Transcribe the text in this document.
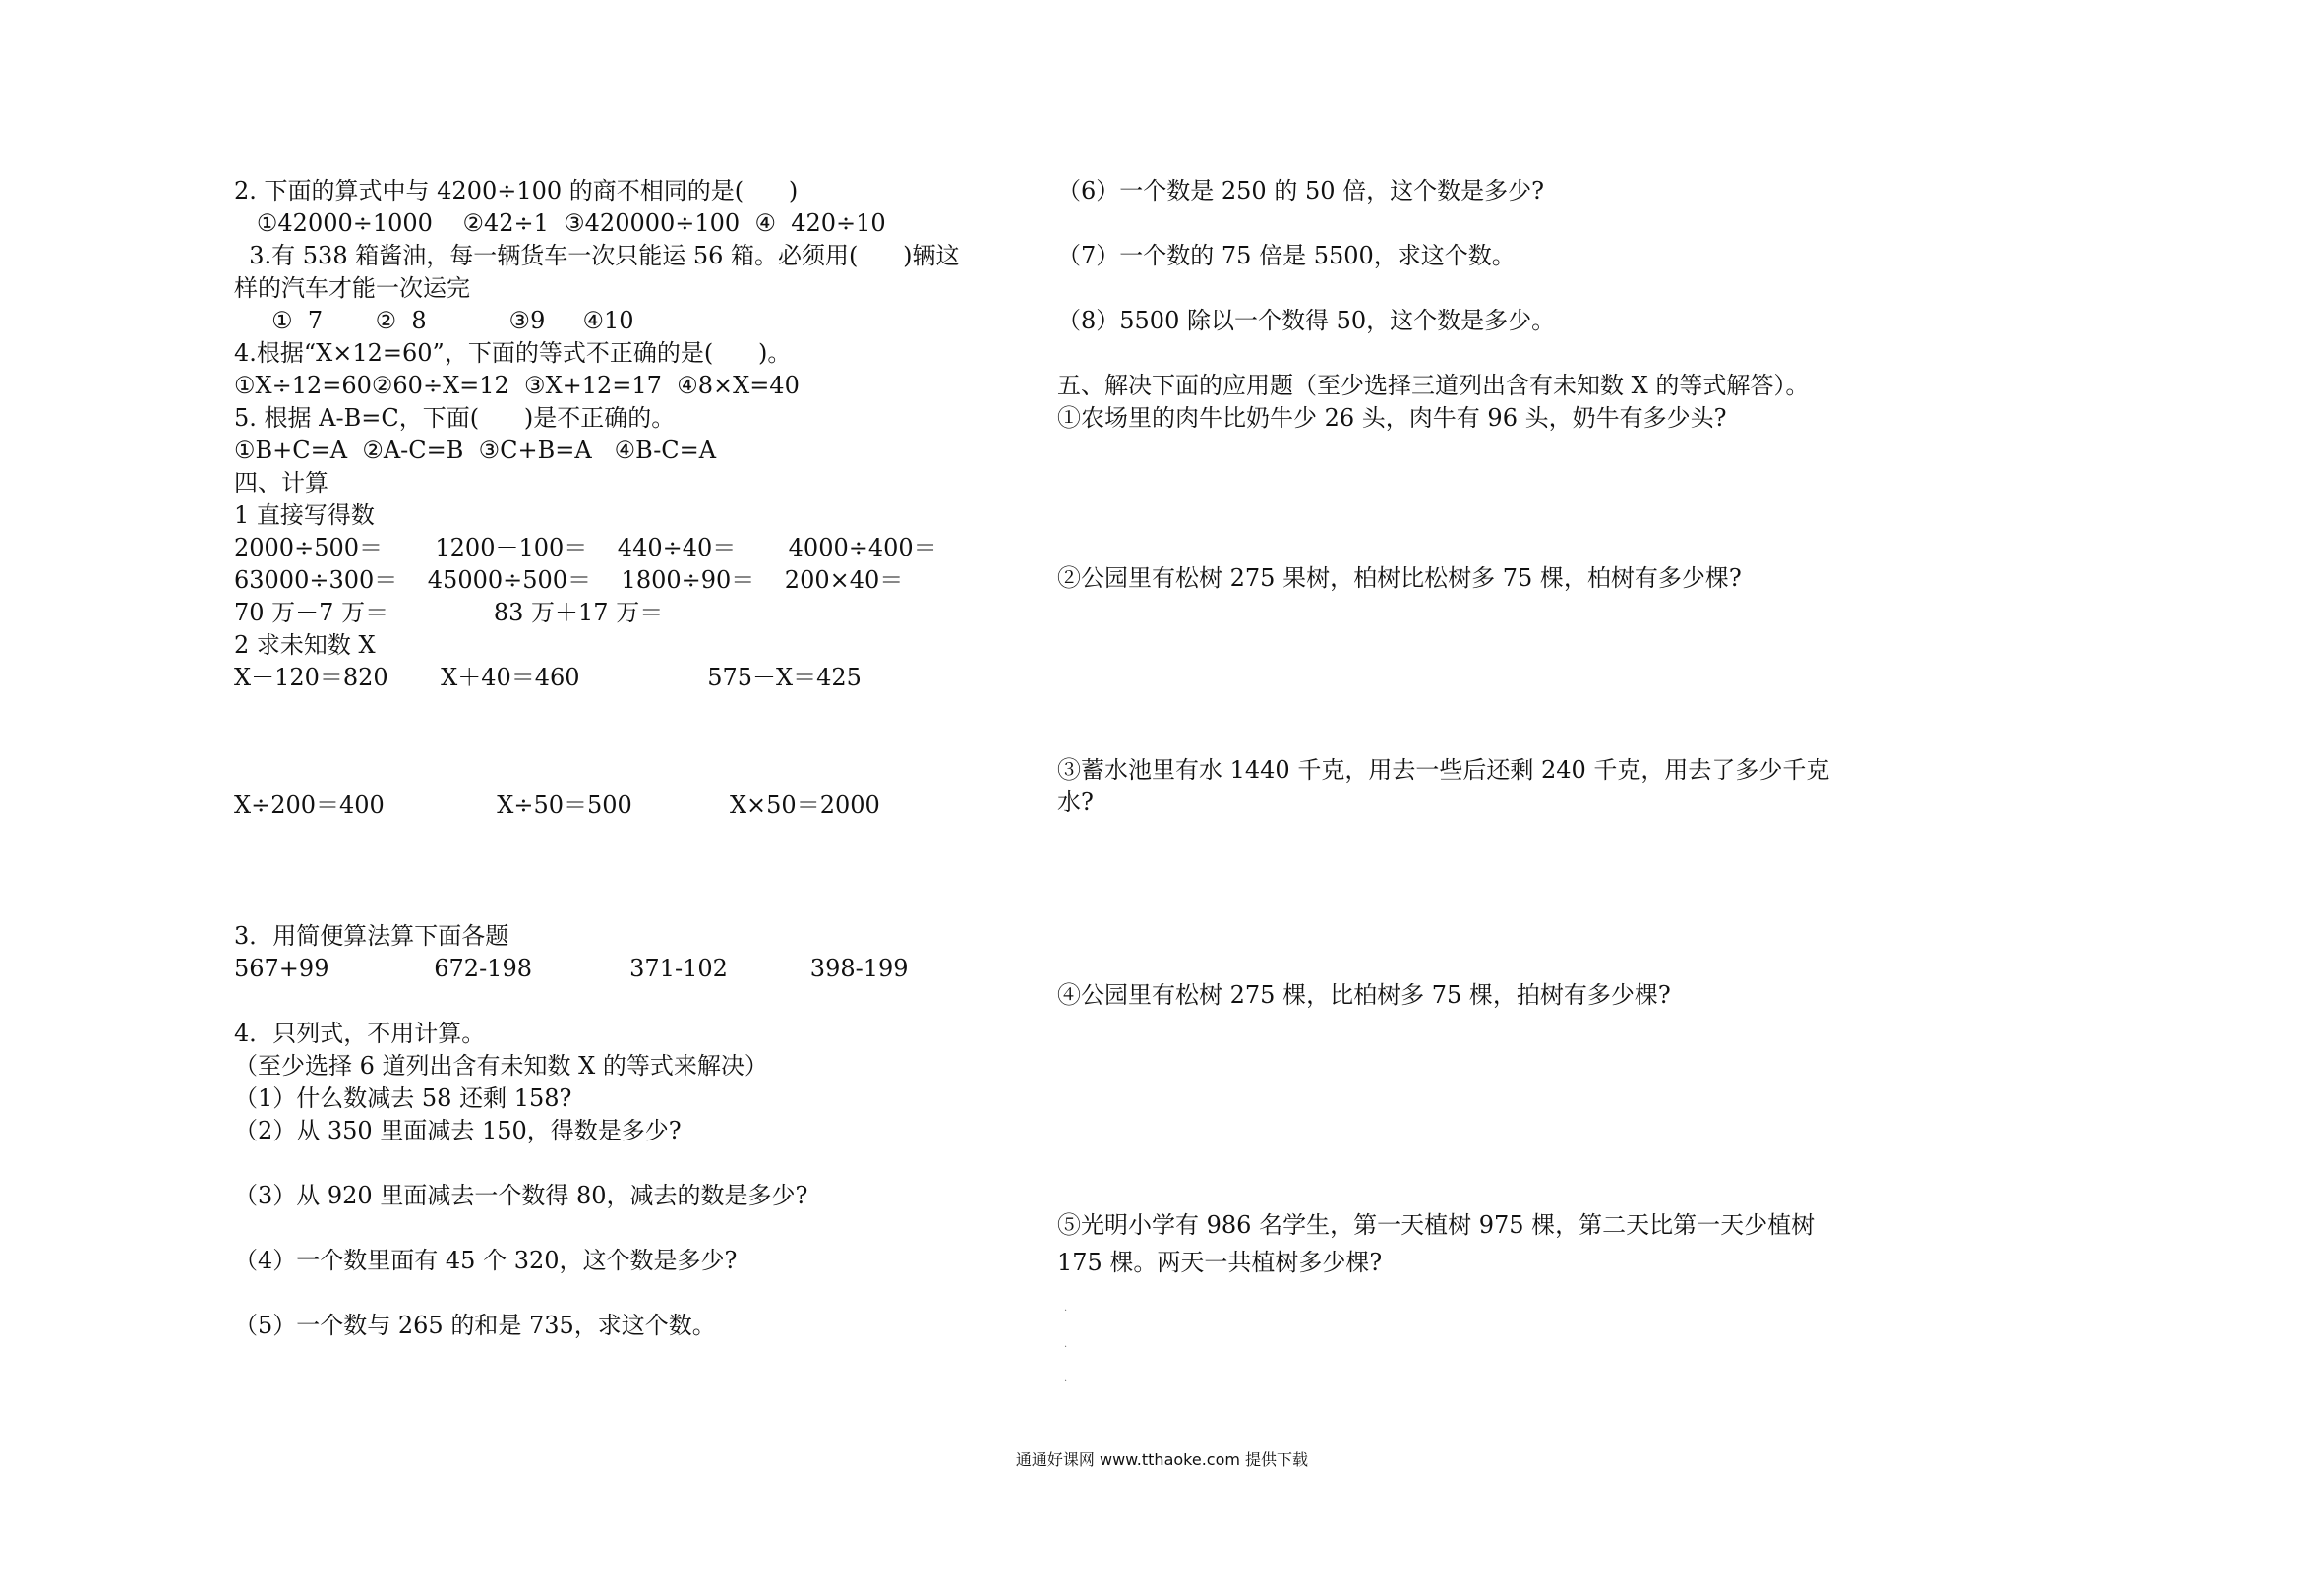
2. 下面的算式中与 4200÷100 的商不相同的是(      )
①42000÷1000    ②42÷1  ③420000÷100  ④  420÷10
3.有 538 箱酱油，每一辆货车一次只能运 56 箱。必须用(      )辆这
样的汽车才能一次运完
①  7       ②  8           ③9     ④10
4.根据“X×12=60”，下面的等式不正确的是(      )。
①X÷12=60②60÷X=12  ③X+12=17  ④8×X=40
5. 根据 A-B=C，下面(      )是不正确的。
①B+C=A  ②A-C=B  ③C+B=A   ④B-C=A
四、计算
1 直接写得数
2000÷500＝       1200－100＝    440÷40＝       4000÷400＝
63000÷300＝    45000÷500＝    1800÷90＝    200×40＝
70 万－7 万＝              83 万＋17 万＝
2 求未知数 X
X－120＝820       X＋40＝460                 575－X＝425
X÷200＝400               X÷50＝500             X×50＝2000
3．用简便算法算下面各题
567+99              672-198             371-102           398-199
4．只列式，不用计算。
（至少选择 6 道列出含有未知数 X 的等式来解决）
（1）什么数减去 58 还剩 158?
（2）从 350 里面减去 150，得数是多少?
（3）从 920 里面减去一个数得 80，减去的数是多少?
（4）一个数里面有 45 个 320，这个数是多少?
（5）一个数与 265 的和是 735，求这个数。
（6）一个数是 250 的 50 倍，这个数是多少?
（7）一个数的 75 倍是 5500，求这个数。
（8）5500 除以一个数得 50，这个数是多少。
五、解决下面的应用题（至少选择三道列出含有未知数 X 的等式解答）。
①农场里的肉牛比奶牛少 26 头，肉牛有 96 头，奶牛有多少头?
②公园里有松树 275 果树，柏树比松树多 75 棵，柏树有多少棵?
③蓄水池里有水 1440 千克，用去一些后还剩 240 千克，用去了多少千克
水?
④公园里有松树 275 棵，比柏树多 75 棵，拍树有多少棵?
⑤光明小学有 986 名学生，第一天植树 975 棵，第二天比第一天少植树
175 棵。两天一共植树多少棵?
·
·
·
通通好课网 www.tthaoke.com 提供下载
